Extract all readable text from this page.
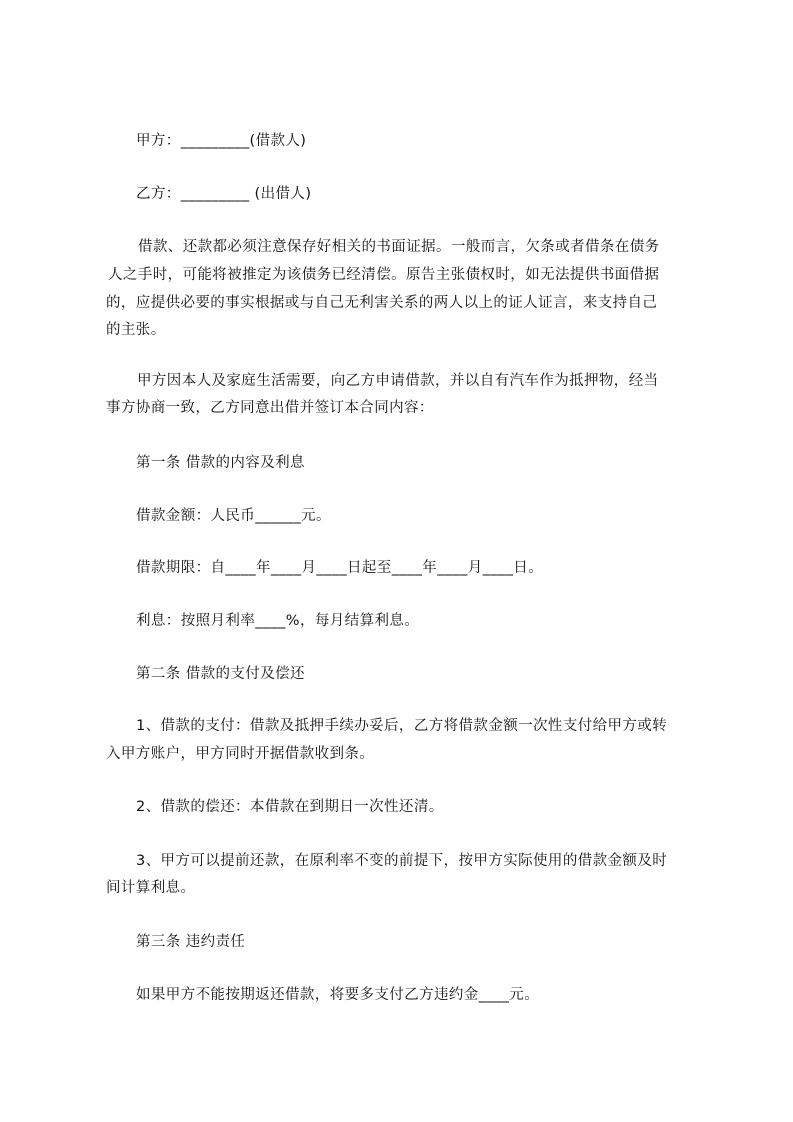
甲方：_________(借款人)
乙方：_________ (出借人)
借款、还款都必须注意保存好相关的书面证据。一般而言，欠条或者借条在债务
人之手时，可能将被推定为该债务已经清偿。原告主张债权时，如无法提供书面借据
的，应提供必要的事实根据或与自己无利害关系的两人以上的证人证言，来支持自己
的主张。
甲方因本人及家庭生活需要，向乙方申请借款，并以自有汽车作为抵押物，经当
事方协商一致，乙方同意出借并签订本合同内容：
第一条 借款的内容及利息
借款金额：人民币______元。
借款期限：自____年____月____日起至____年____月____日。
利息：按照月利率____%，每月结算利息。
第二条 借款的支付及偿还
1、借款的支付：借款及抵押手续办妥后，乙方将借款金额一次性支付给甲方或转
入甲方账户，甲方同时开据借款收到条。
2、借款的偿还：本借款在到期日一次性还清。
3、甲方可以提前还款，在原利率不变的前提下，按甲方实际使用的借款金额及时
间计算利息。
第三条 违约责任
如果甲方不能按期返还借款，将要多支付乙方违约金____元。
